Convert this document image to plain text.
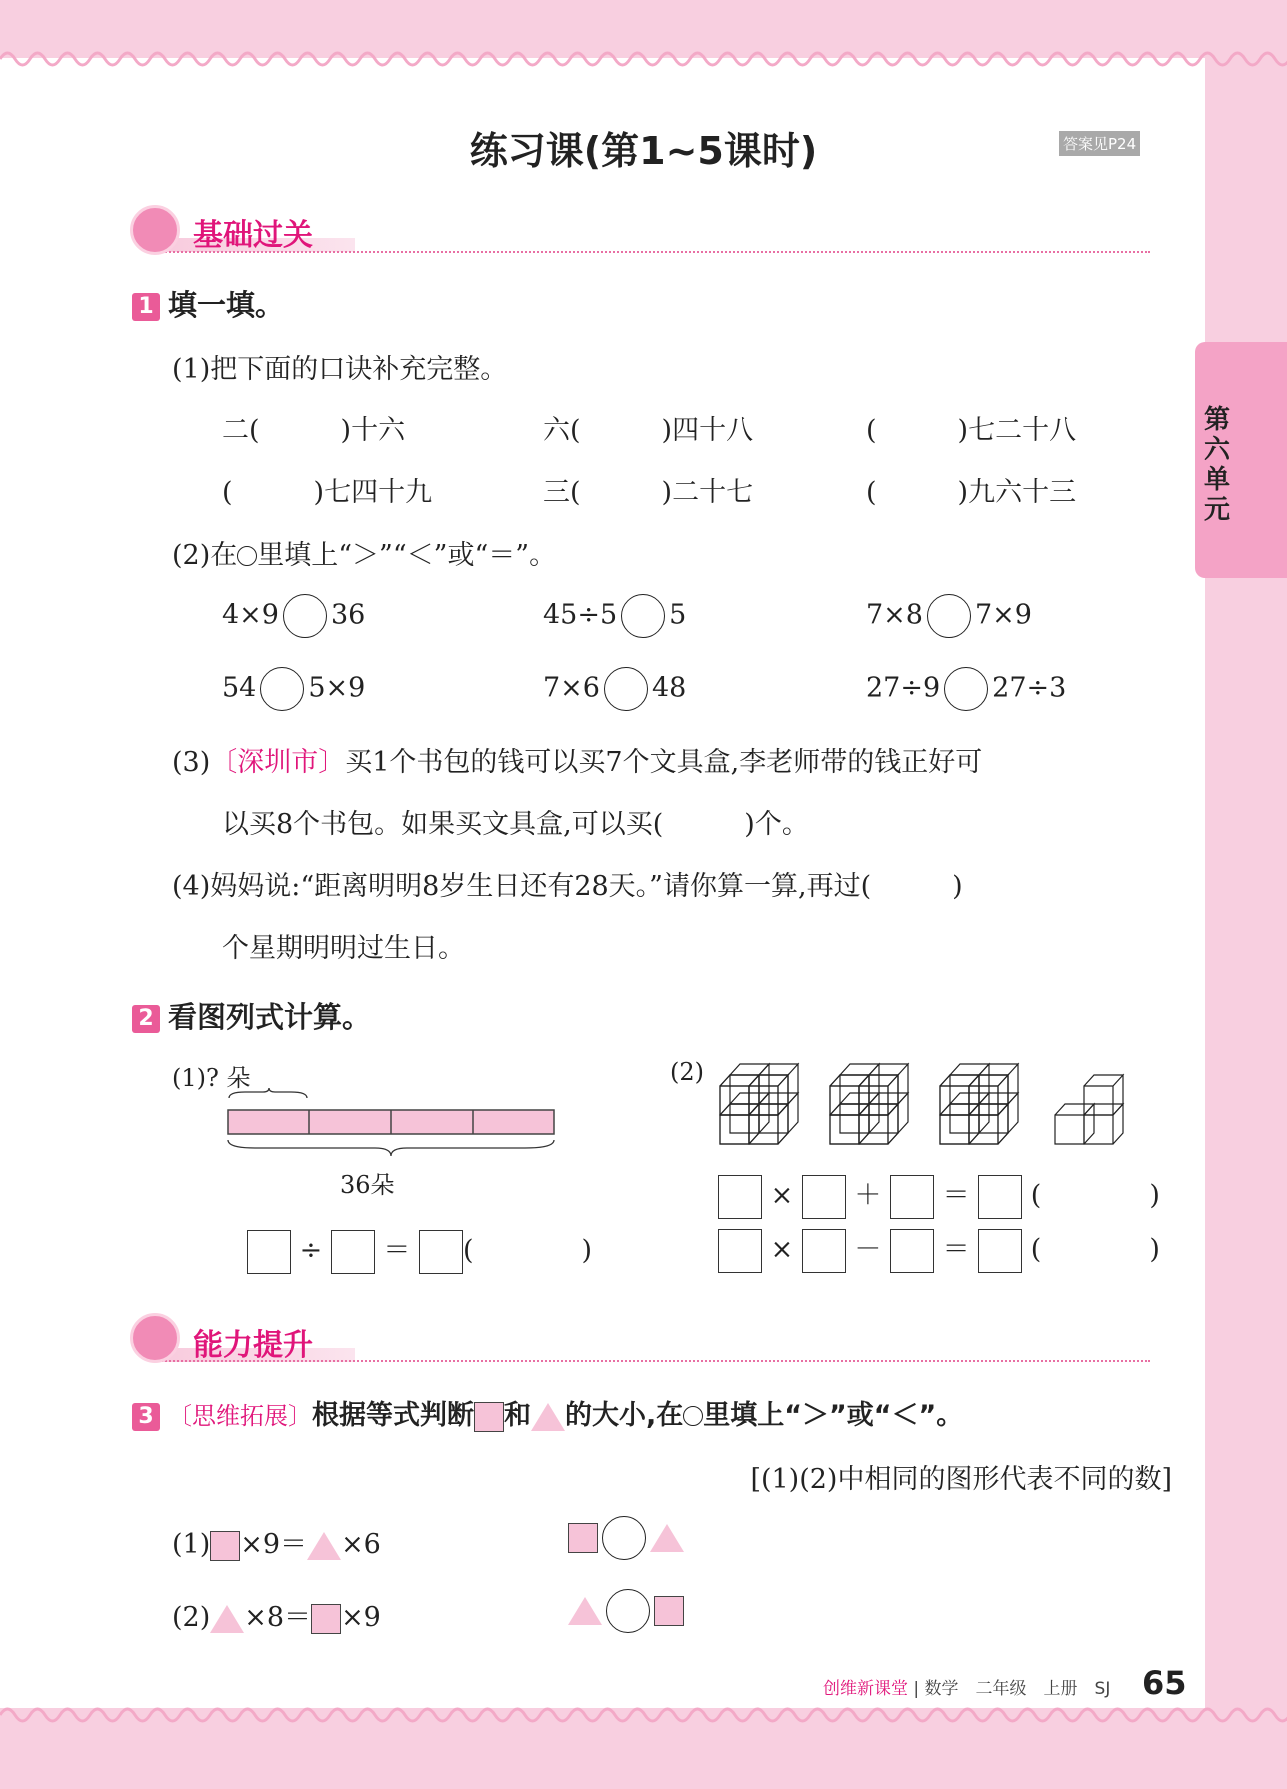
第六单元
练习课(第1~5课时)	答案见P24
基础过关
1 填一填。
(1)把下面的口诀补充完整。
二(　　　)十六	六(　　　)四十八	(　　　)七二十八
(　　　)七四十九	三(　　　)二十七	(　　　)九六十三
(2)在 里填上“＞”“＜”或“＝”。
4×9 36	45÷5 5	7×8 7×9
54 5×9	7×6 48	27÷9 27÷3
(3)〔深圳市〕买1个书包的钱可以买7个文具盒,李老师带的钱正好可
以买8个书包。如果买文具盒,可以买(　　　)个。
(4)妈妈说:“距离明明8岁生日还有28天。”请你算一算,再过(　　　)
个星期明明过生日。
2 看图列式计算。
(1)? 朵
36朵
÷ ＝ (　　　　)
(2)
× ＋ ＝ (　　　　)
× － ＝ (　　　　)
能力提升
3 〔思维拓展〕根据等式判断 和 的大小,在 里填上“＞”或“＜”。
[(1)(2)中相同的图形代表不同的数]
(1) ×9＝ ×6
(2) ×8＝ ×9
创维新课堂 | 数学　二年级　上册　SJ 65
